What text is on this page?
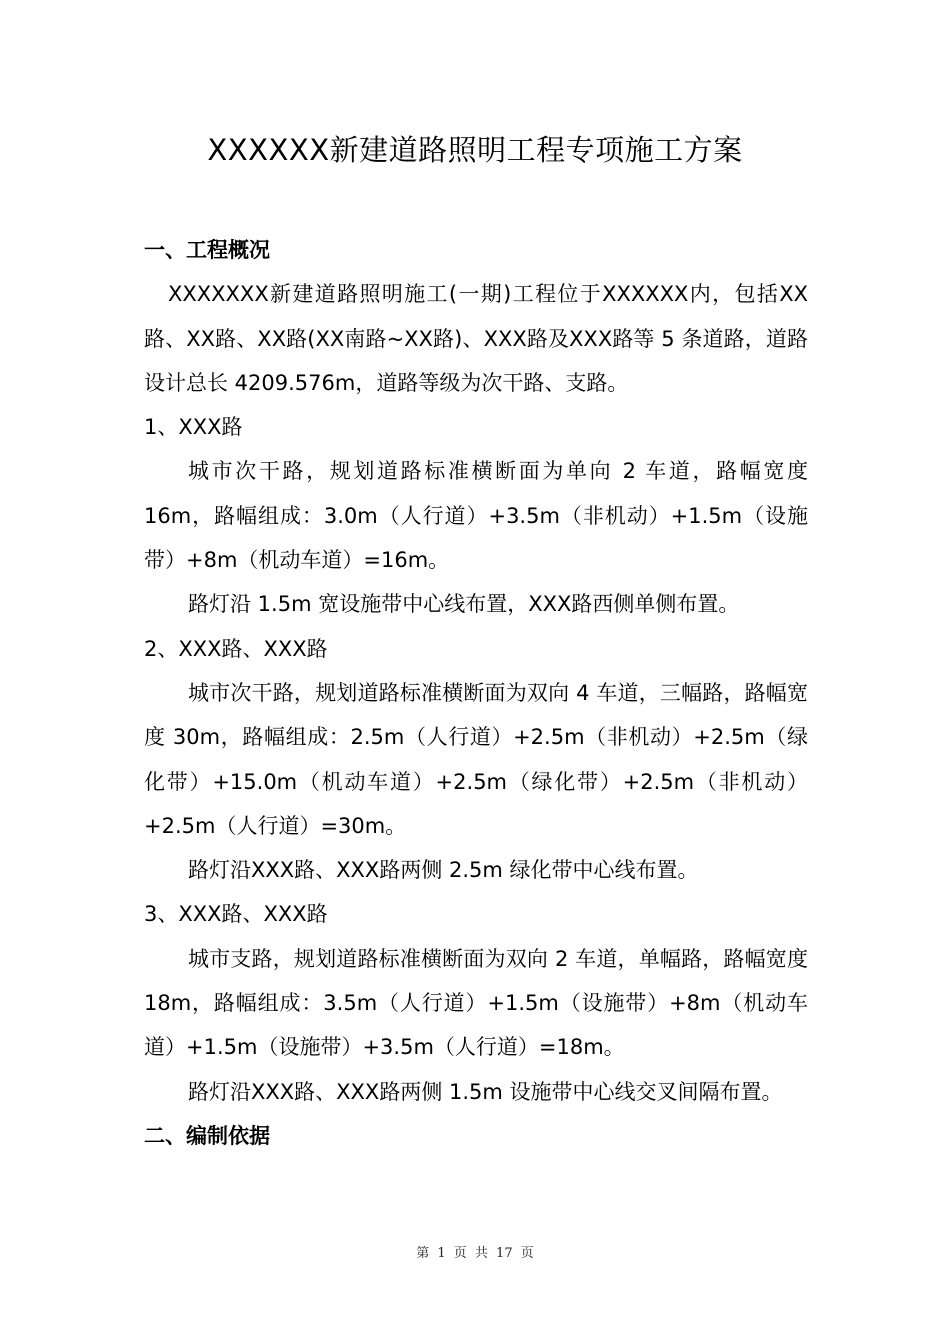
XXXXXX新建道路照明工程专项施工方案
一、工程概况

XXXXXXX新建道路照明施工(一期)工程位于XXXXXX内，包括XX路、XX路、XX路(XX南路~XX路)、XXX路及XXX路等 5 条道路，道路设计总长 4209.576m，道路等级为次干路、支路。

1、XXX路

城市次干路，规划道路标准横断面为单向 2 车道，路幅宽度 16m，路幅组成：3.0m（人行道）+3.5m（非机动）+1.5m（设施带）+8m（机动车道）=16m。

路灯沿 1.5m 宽设施带中心线布置，XXX路西侧单侧布置。

2、XXX路、XXX路

城市次干路，规划道路标准横断面为双向 4 车道，三幅路，路幅宽度 30m，路幅组成：2.5m（人行道）+2.5m（非机动）+2.5m（绿化带）+15.0m（机动车道）+2.5m（绿化带）+2.5m（非机动）+2.5m（人行道）=30m。

路灯沿XXX路、XXX路两侧 2.5m 绿化带中心线布置。

3、XXX路、XXX路

城市支路，规划道路标准横断面为双向 2 车道，单幅路，路幅宽度 18m，路幅组成：3.5m（人行道）+1.5m（设施带）+8m（机动车道）+1.5m（设施带）+3.5m（人行道）=18m。

路灯沿XXX路、XXX路两侧 1.5m 设施带中心线交叉间隔布置。

二、编制依据
第 1 页 共 17 页
